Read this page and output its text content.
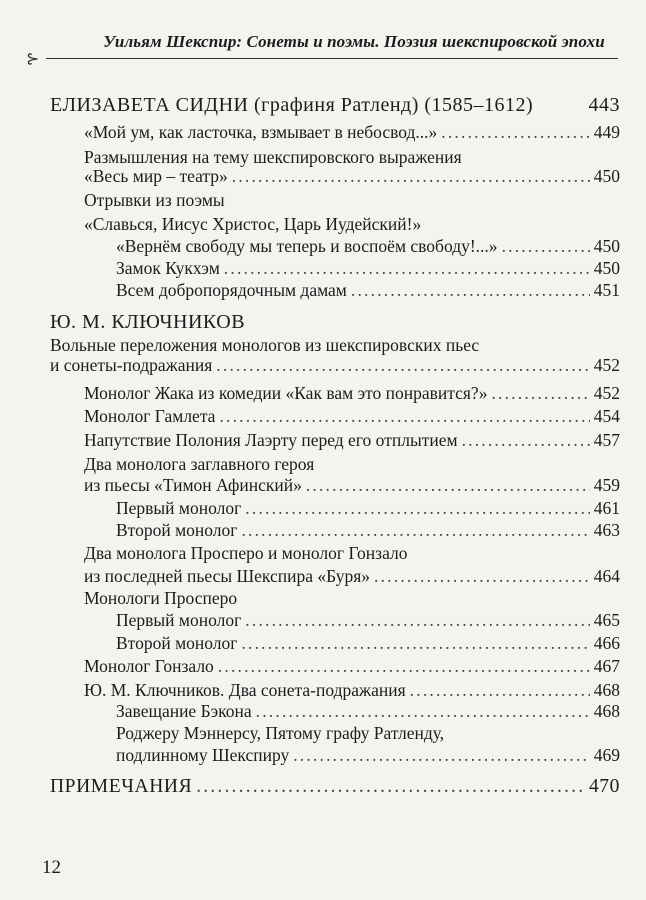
⊱
Уильям Шекспир: Сонеты и поэмы. Поэзия шекспировской эпохи
ЕЛИЗАВЕТА СИДНИ (графиня Ратленд) (1585–1612)	443
«Мой ум, как ласточка, взмывает в небосвод...» .....	449
Размышления на тему шекспировского выражения
«Весь мир – театр» .....	450
Отрывки из поэмы
«Славься, Иисус Христос, Царь Иудейский!»
«Вернём свободу мы теперь и воспоём свободу!...» .....	450
Замок Кукхэм .....	450
Всем добропорядочным дамам .....	451
Ю. М. КЛЮЧНИКОВ
Вольные переложения монологов из шекспировских пьес
и сонеты-подражания .....	452
Монолог Жака из комедии «Как вам это понравится?» .....	452
Монолог Гамлета .....	454
Напутствие Полония Лаэрту перед его отплытием .....	457
Два монолога заглавного героя
из пьесы «Тимон Афинский» .....	459
Первый монолог .....	461
Второй монолог .....	463
Два монолога Просперо и монолог Гонзало
из последней пьесы Шекспира «Буря» .....	464
Монологи Просперо
Первый монолог .....	465
Второй монолог .....	466
Монолог Гонзало .....	467
Ю. М. Ключников. Два сонета-подражания .....	468
Завещание Бэкона .....	468
Роджеру Мэннерсу, Пятому графу Ратленду,
подлинному Шекспиру .....	469
ПРИМЕЧАНИЯ .....	470
12
